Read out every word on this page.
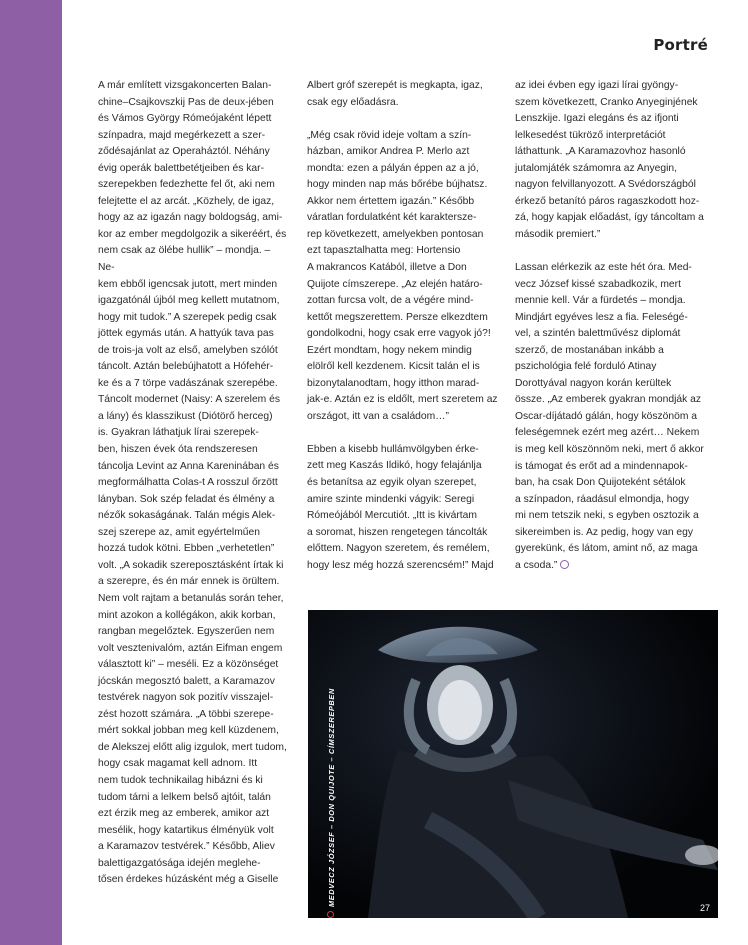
Portré

A már említett vizsgakoncerten Balan-
chine–Csajkovszkij Pas de deux-jében
és Vámos György Rómeójaként lépett
színpadra, majd megérkezett a szer-
ződésajánlat az Operaháztól. Néhány
évig operák balettbetétjeiben és kar-
szerepekben fedezhette fel őt, aki nem
felejtette el az arcát. „Közhely, de igaz,
hogy az az igazán nagy boldogság, ami-
kor az ember megdolgozik a sikeréért, és
nem csak az ölébe hullik” – mondja. – Ne-
kem ebből igencsak jutott, mert minden
igazgatónál újból meg kellett mutatnom,
hogy mit tudok.” A szerepek pedig csak
jöttek egymás után. A hattyúk tava pas
de trois-ja volt az első, amelyben szólót
táncolt. Aztán belebújhatott a Hófehér-
ke és a 7 törpe vadászának szerepébe.
Táncolt modernet (Naisy: A szerelem és
a lány) és klasszikust (Diótörő herceg)
is. Gyakran láthatjuk lírai szerepek-
ben, hiszen évek óta rendszeresen
táncolja Levint az Anna Kareninában és
megformálhatta Colas-t A rosszul őrzött
lányban. Sok szép feladat és élmény a
nézők sokaságának. Talán mégis Alek-
szej szerepe az, amit egyértelműen
hozzá tudok kötni. Ebben „verhetetlen”
volt. „A sokadik szereposztásként írtak ki
a szerepre, és én már ennek is örültem.
Nem volt rajtam a betanulás során teher,
mint azokon a kollégákon, akik korban,
rangban megelőztek. Egyszerűen nem
volt vesztenivalóm, aztán Eifman engem
választott ki” – meséli. Ez a közönséget
jócskán megosztó balett, a Karamazov
testvérek nagyon sok pozitív visszajel-
zést hozott számára. „A többi szerepe-
mért sokkal jobban meg kell küzdenem,
de Alekszej előtt alig izgulok, mert tudom,
hogy csak magamat kell adnom. Itt
nem tudok technikailag hibázni és ki
tudom tárni a lelkem belső ajtóit, talán
ezt érzik meg az emberek, amikor azt
mesélik, hogy katartikus élményük volt
a Karamazov testvérek.” Később, Aliev
balettigazgatósága idején meglehe-
tősen érdekes húzásként még a Giselle

Albert gróf szerepét is megkapta, igaz,
csak egy előadásra.

„Még csak rövid ideje voltam a szín-
házban, amikor Andrea P. Merlo azt
mondta: ezen a pályán éppen az a jó,
hogy minden nap más bőrébe bújhatsz.
Akkor nem értettem igazán.” Később
váratlan fordulatként két karaktersze-
rep következett, amelyekben pontosan
ezt tapasztalhatta meg: Hortensio
A makrancos Katából, illetve a Don
Quijote címszerepe. „Az elején határo-
zottan furcsa volt, de a végére mind-
kettőt megszerettem. Persze elkezdtem
gondolkodni, hogy csak erre vagyok jó?!
Ezért mondtam, hogy nekem mindig
elölről kell kezdenem. Kicsit talán el is
bizonytalanodtam, hogy itthon marad-
jak-e. Aztán ez is eldőlt, mert szeretem az
országot, itt van a családom…”

Ebben a kisebb hullámvölgyben érke-
zett meg Kaszás Ildikó, hogy felajánlja
és betanítsa az egyik olyan szerepet,
amire szinte mindenki vágyik: Seregi
Rómeójából Mercutiót. „Itt is kivártam
a soromat, hiszen rengetegen táncolták
előttem. Nagyon szeretem, és remélem,
hogy lesz még hozzá szerencsém!” Majd

az idei évben egy igazi lírai gyöngy-
szem következett, Cranko Anyeginjének
Lenszkije. Igazi elegáns és az ifjonti
lelkesedést tükröző interpretációt
láthattunk. „A Karamazovhoz hasonló
jutalomjáték számomra az Anyegin,
nagyon felvillanyozott. A Svédországból
érkező betanító páros ragaszkodott hoz-
zá, hogy kapjak előadást, így táncoltam a
második premiert.”

Lassan elérkezik az este hét óra. Med-
vecz József kissé szabadkozik, mert
mennie kell. Vár a fürdetés – mondja.
Mindjárt egyéves lesz a fia. Feleségé-
vel, a szintén balettművész diplomát
szerző, de mostanában inkább a
pszichológia felé forduló Atinay
Dorottyával nagyon korán kerültek
össze. „Az emberek gyakran mondják az
Oscar-díjátadó gálán, hogy köszönöm a
feleségemnek ezért meg azért… Nekem
is meg kell köszönnöm neki, mert ő akkor
is támogat és erőt ad a mindennapok-
ban, ha csak Don Quijoteként sétálok
a színpadon, ráadásul elmondja, hogy
mi nem tetszik neki, s egyben osztozik a
sikereimben is. Az pedig, hogy van egy
gyerekünk, és látom, amint nő, az maga
a csoda.”

MEDVECZ JÓZSEF – DON QUIJOTE – CÍMSZEREPBEN
27
